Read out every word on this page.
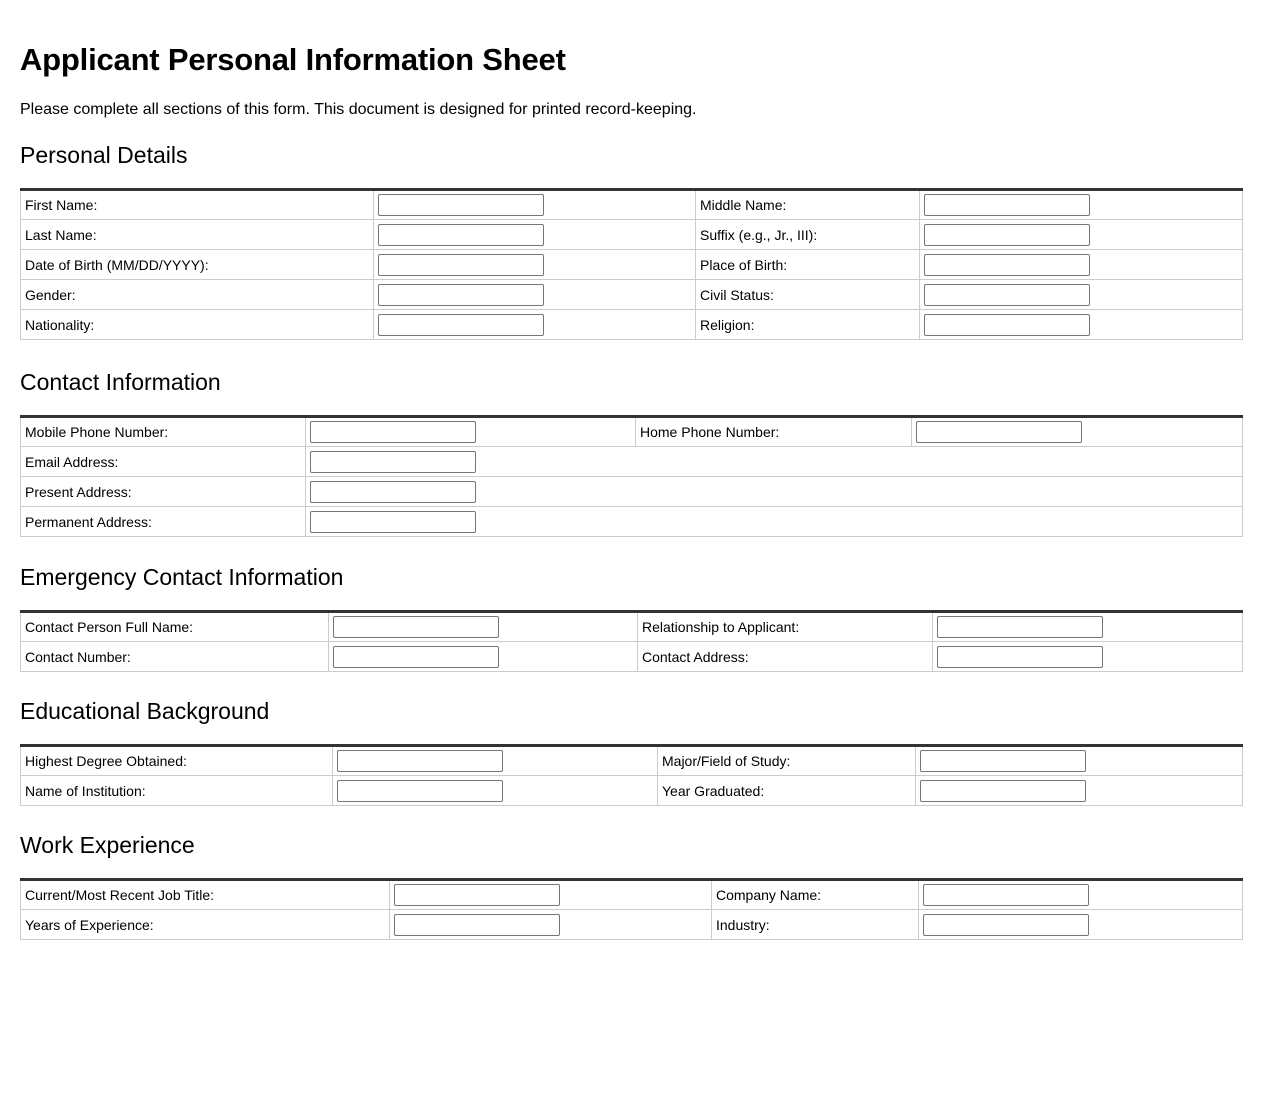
Applicant Personal Information Sheet

Please complete all sections of this form. This document is designed for printed record-keeping.

Personal Details
First Name:		Middle Name:	

Last Name:		Suffix (e.g., Jr., III):	

Date of Birth (MM/DD/YYYY):		Place of Birth:	

Gender:		Civil Status:	

Nationality:		Religion:	
Contact Information
Mobile Phone Number:		Home Phone Number:	

Email Address:	

Present Address:	

Permanent Address:	
Emergency Contact Information
Contact Person Full Name:		Relationship to Applicant:	

Contact Number:		Contact Address:	
Educational Background
Highest Degree Obtained:		Major/Field of Study:	

Name of Institution:		Year Graduated:	
Work Experience
Current/Most Recent Job Title:		Company Name:	

Years of Experience:		Industry:	
